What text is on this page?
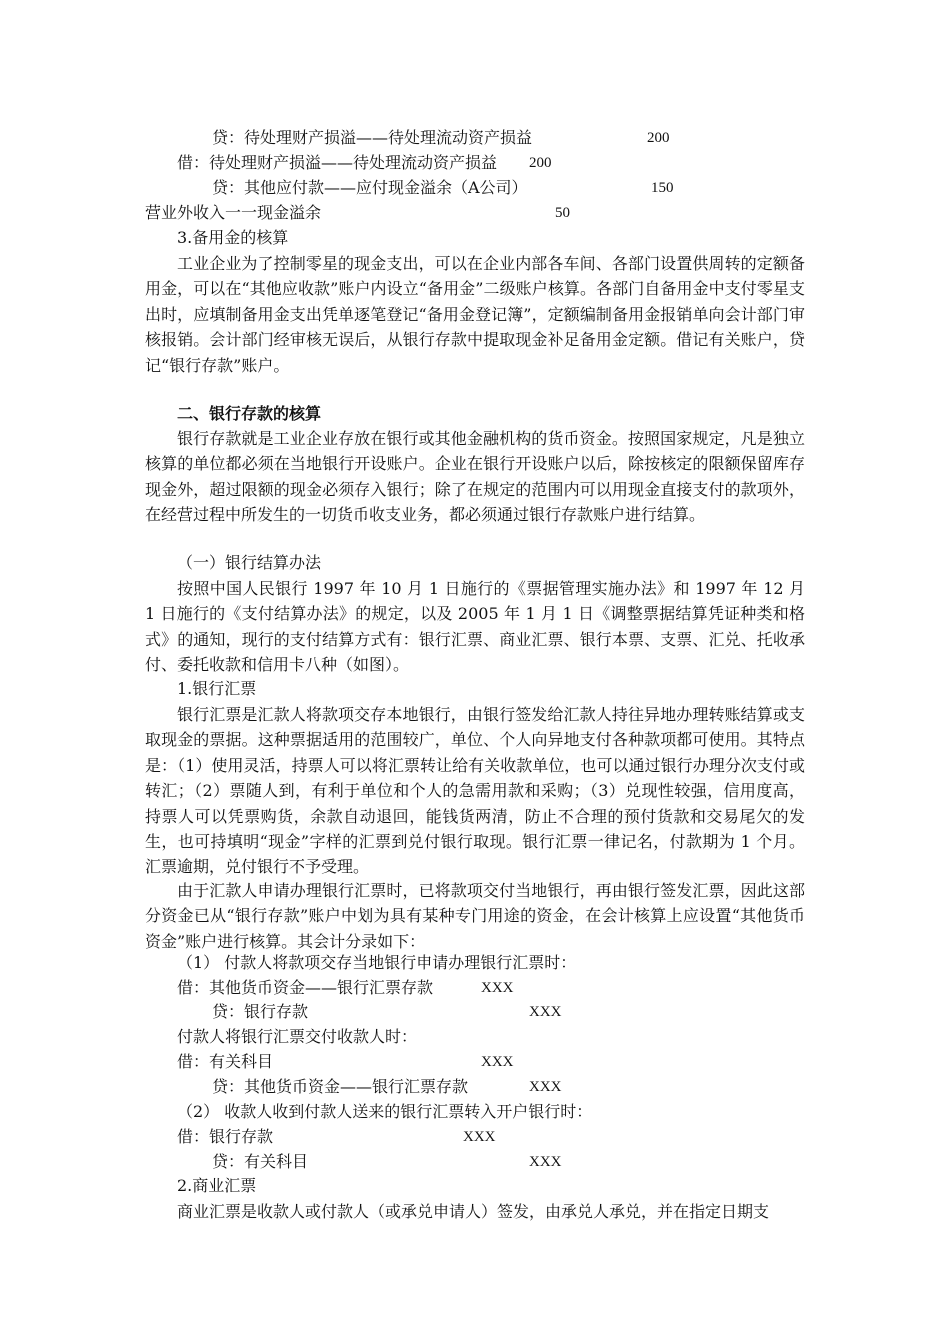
贷：待处理财产损溢——待处理流动资产损益	200
借：待处理财产损溢——待处理流动资产损益 200
贷：其他应付款——应付现金溢余（A公司）	150
营业外收入一一现金溢余	50
3.备用金的核算
工业企业为了控制零星的现金支出，可以在企业内部各车间、各部门设置供周转的定额备用金，可以在“其他应收款”账户内设立“备用金”二级账户核算。各部门自备用金中支付零星支出时，应填制备用金支出凭单逐笔登记“备用金登记簿”，定额编制备用金报销单向会计部门审核报销。会计部门经审核无误后，从银行存款中提取现金补足备用金定额。借记有关账户，贷记“银行存款”账户。
二、银行存款的核算
银行存款就是工业企业存放在银行或其他金融机构的货币资金。按照国家规定，凡是独立核算的单位都必须在当地银行开设账户。企业在银行开设账户以后，除按核定的限额保留库存现金外，超过限额的现金必须存入银行；除了在规定的范围内可以用现金直接支付的款项外，在经营过程中所发生的一切货币收支业务，都必须通过银行存款账户进行结算。
（一）银行结算办法
按照中国人民银行 1997 年 10 月 1 日施行的《票据管理实施办法》和 1997 年 12 月 1 日施行的《支付结算办法》的规定，以及 2005 年 1 月 1 日《调整票据结算凭证种类和格式》的通知，现行的支付结算方式有：银行汇票、商业汇票、银行本票、支票、汇兑、托收承付、委托收款和信用卡八种（如图）。
1.银行汇票
银行汇票是汇款人将款项交存本地银行，由银行签发给汇款人持往异地办理转账结算或支取现金的票据。这种票据适用的范围较广，单位、个人向异地支付各种款项都可使用。其特点是：（1）使用灵活，持票人可以将汇票转让给有关收款单位，也可以通过银行办理分次支付或转汇；（2）票随人到，有利于单位和个人的急需用款和采购；（3）兑现性较强，信用度高，持票人可以凭票购货，余款自动退回，能钱货两清，防止不合理的预付货款和交易尾欠的发生，也可持填明“现金”字样的汇票到兑付银行取现。银行汇票一律记名，付款期为 1 个月。汇票逾期，兑付银行不予受理。
由于汇款人申请办理银行汇票时，已将款项交付当地银行，再由银行签发汇票，因此这部分资金已从“银行存款”账户中划为具有某种专门用途的资金，在会计核算上应设置“其他货币资金”账户进行核算。其会计分录如下：
（1） 付款人将款项交存当地银行申请办理银行汇票时：
借：其他货币资金——银行汇票存款	XXX
贷：银行存款	XXX
付款人将银行汇票交付收款人时：
借：有关科目	XXX
贷：其他货币资金——银行汇票存款	XXX
（2） 收款人收到付款人送来的银行汇票转入开户银行时：
借：银行存款	XXX
贷：有关科目	XXX
2.商业汇票
商业汇票是收款人或付款人（或承兑申请人）签发，由承兑人承兑，并在指定日期支
